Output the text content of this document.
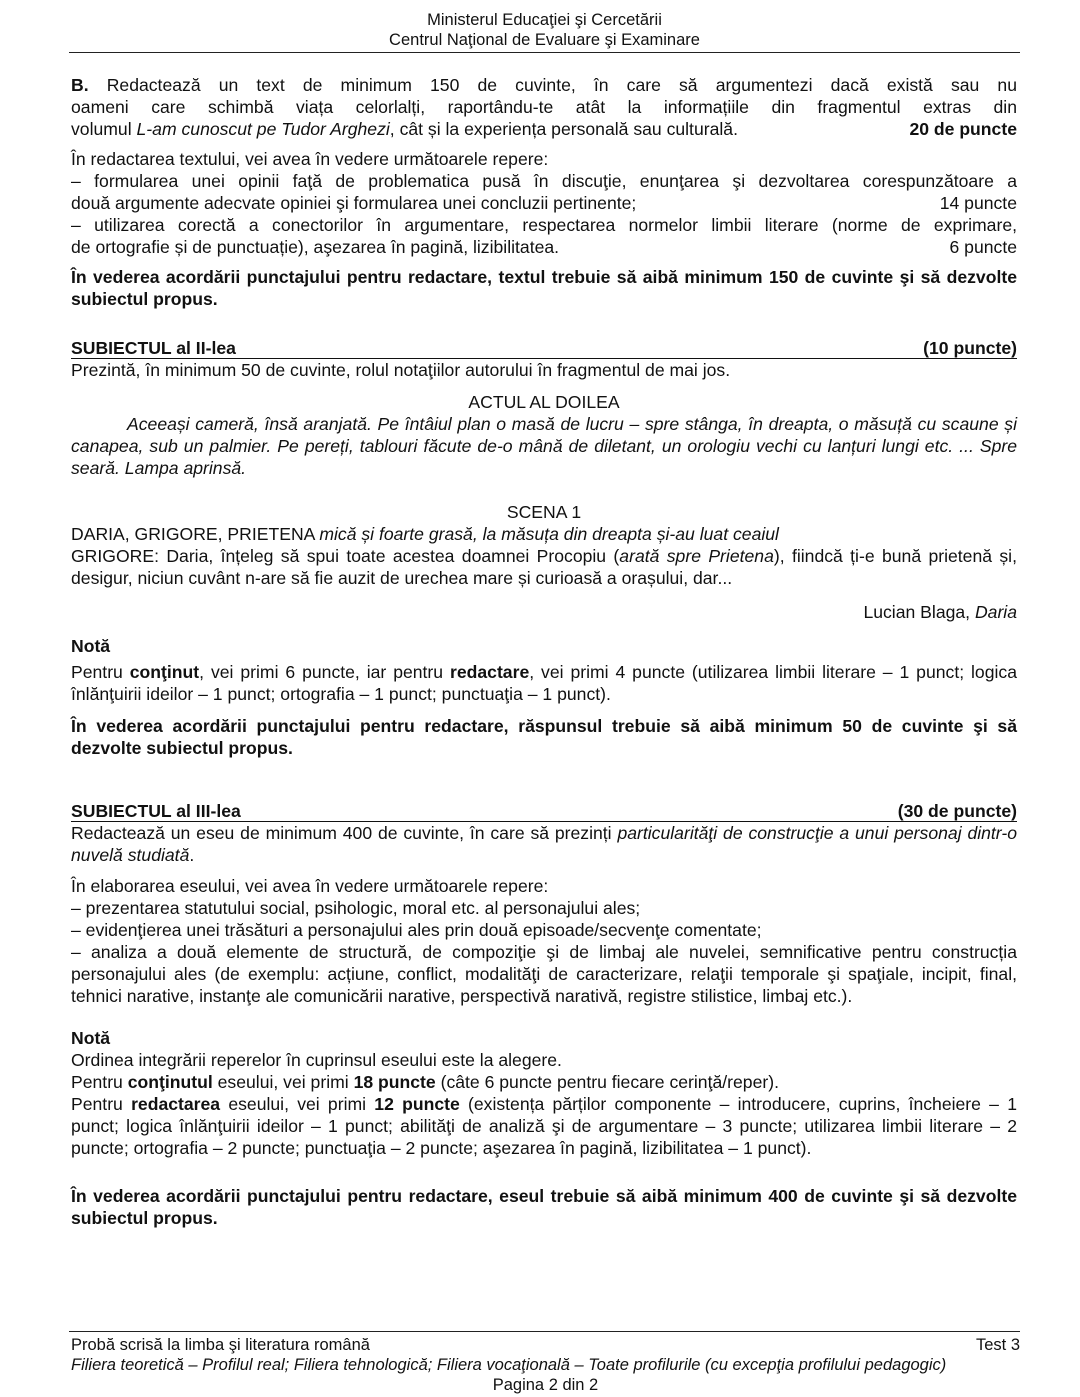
Ministerul Educaţiei şi Cercetării
Centrul Naţional de Evaluare şi Examinare

B. Redactează un text de minimum 150 de cuvinte, în care să argumentezi dacă există sau nu

oameni care schimbă viața celorlalți, raportându-te atât la informațiile din fragmentul extras din

volumul L-am cunoscut pe Tudor Arghezi, cât și la experiența personală sau culturală.	20 de puncte

În redactarea textului, vei avea în vedere următoarele repere:

– formularea unei opinii faţă de problematica pusă în discuţie, enunţarea şi dezvoltarea corespunzătoare a

două argumente adecvate opiniei şi formularea unei concluzii pertinente;	14 puncte

– utilizarea corectă a conectorilor în argumentare, respectarea normelor limbii literare (norme de exprimare,

de ortografie și de punctuație), aşezarea în pagină, lizibilitatea.	6 puncte

În vederea acordării punctajului pentru redactare, textul trebuie să aibă minimum 150 de cuvinte şi să dezvolte subiectul propus.

SUBIECTUL al II-lea	(10 puncte)

Prezintă, în minimum 50 de cuvinte, rolul notaţiilor autorului în fragmentul de mai jos.

ACTUL AL DOILEA

Aceeași cameră, însă aranjată. Pe întâiul plan o masă de lucru – spre stânga, în dreapta, o măsuță cu scaune și canapea, sub un palmier. Pe pereți, tablouri făcute de-o mână de diletant, un orologiu vechi cu lanțuri lungi etc. ... Spre seară. Lampa aprinsă.

SCENA 1

DARIA, GRIGORE, PRIETENA mică și foarte grasă, la măsuța din dreapta și-au luat ceaiul

GRIGORE: Daria, înțeleg să spui toate acestea doamnei Procopiu (arată spre Prietena), fiindcă ți-e bună prietenă și, desigur, niciun cuvânt n-are să fie auzit de urechea mare și curioasă a orașului, dar...

Lucian Blaga, Daria

Notă

Pentru conţinut, vei primi 6 puncte, iar pentru redactare, vei primi 4 puncte (utilizarea limbii literare – 1 punct; logica înlănţuirii ideilor – 1 punct; ortografia – 1 punct; punctuaţia – 1 punct).

În vederea acordării punctajului pentru redactare, răspunsul trebuie să aibă minimum 50 de cuvinte şi să dezvolte subiectul propus.

SUBIECTUL al III-lea	(30 de puncte)

Redactează un eseu de minimum 400 de cuvinte, în care să prezinți particularităţi de construcţie a unui personaj dintr-o nuvelă studiată.

În elaborarea eseului, vei avea în vedere următoarele repere:

– prezentarea statutului social, psihologic, moral etc. al personajului ales;

– evidenţierea unei trăsături a personajului ales prin două episoade/secvenţe comentate;

– analiza a două elemente de structură, de compoziţie şi de limbaj ale nuvelei, semnificative pentru construcția personajului ales (de exemplu: acțiune, conflict, modalităţi de caracterizare, relaţii temporale şi spaţiale, incipit, final, tehnici narative, instanţe ale comunicării narative, perspectivă narativă, registre stilistice, limbaj etc.).

Notă

Ordinea integrării reperelor în cuprinsul eseului este la alegere.

Pentru conţinutul eseului, vei primi 18 puncte (câte 6 puncte pentru fiecare cerinţă/reper).

Pentru redactarea eseului, vei primi 12 puncte (existența părților componente – introducere, cuprins, încheiere – 1 punct; logica înlănţuirii ideilor – 1 punct; abilităţi de analiză şi de argumentare – 3 puncte; utilizarea limbii literare – 2 puncte; ortografia – 2 puncte; punctuaţia – 2 puncte; aşezarea în pagină, lizibilitatea – 1 punct).

În vederea acordării punctajului pentru redactare, eseul trebuie să aibă minimum 400 de cuvinte şi să dezvolte subiectul propus.

Probă scrisă la limba şi literatura română	Test 3
Filiera teoretică – Profilul real; Filiera tehnologică; Filiera vocaţională – Toate profilurile (cu excepţia profilului pedagogic)
Pagina 2 din 2
